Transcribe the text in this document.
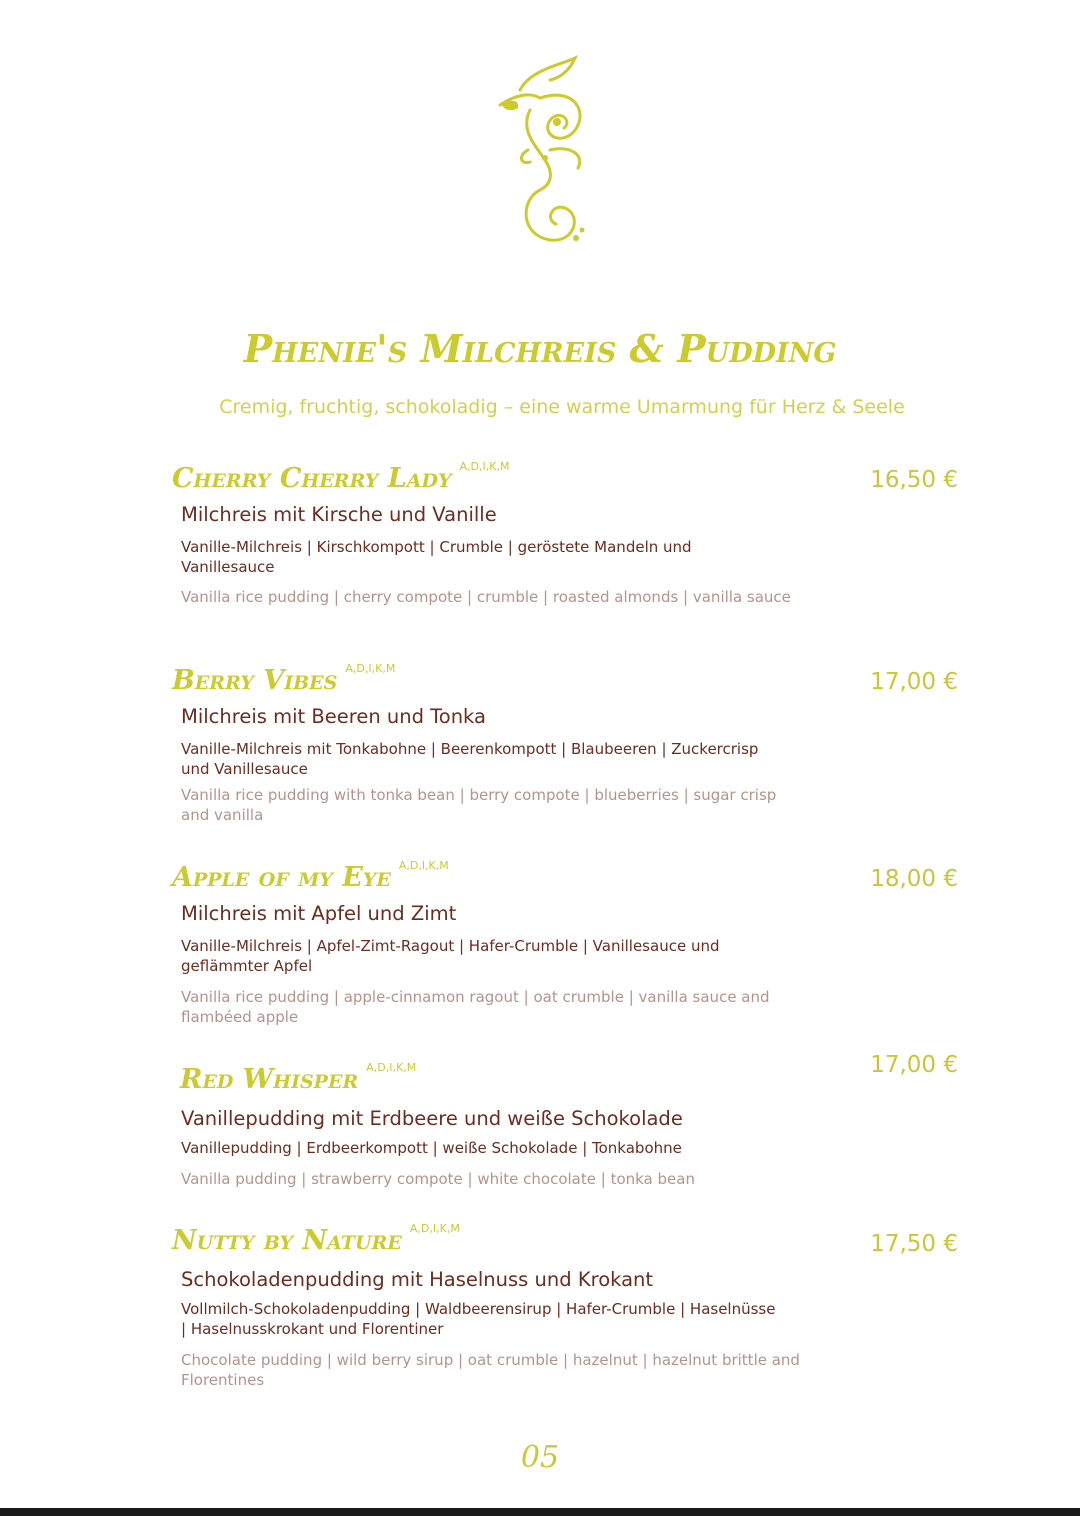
Phenie's Milchreis & Pudding
Cremig, fruchtig, schokoladig – eine warme Umarmung für Herz & Seele
Cherry Cherry Lady $^{A,D,I,K,M}$
16,50 €
Milchreis mit Kirsche und Vanille
Vanille-Milchreis | Kirschkompott | Crumble | geröstete Mandeln und Vanillesauce
Vanilla rice pudding | cherry compote | crumble | roasted almonds | vanilla sauce
Berry Vibes $^{A,D,I,K,M}$
17,00 €
Milchreis mit Beeren und Tonka
Vanille-Milchreis mit Tonkabohne | Beerenkompott | Blaubeeren | Zuckercrisp und Vanillesauce
Vanilla rice pudding with tonka bean | berry compote | blueberries | sugar crisp and vanilla
Apple of my Eye $^{A,D,I,K,M}$
18,00 €
Milchreis mit Apfel und Zimt
Vanille-Milchreis | Apfel-Zimt-Ragout | Hafer-Crumble | Vanillesauce und geflämmter Apfel
Vanilla rice pudding | apple-cinnamon ragout | oat crumble | vanilla sauce and flambéed apple
Red Whisper $^{A,D,I,K,M}$	17,00 €
Vanillepudding mit Erdbeere und weiße Schokolade
Vanillepudding | Erdbeerkompott | weiße Schokolade | Tonkabohne
Vanilla pudding | strawberry compote | white chocolate | tonka bean
Nutty by Nature $^{A,D,I,K,M}$
17,50 €
Schokoladenpudding mit Haselnuss und Krokant
Vollmilch-Schokoladenpudding | Waldbeerensirup | Hafer-Crumble | Haselnüsse | Haselnusskrokant und Florentiner
Chocolate pudding | wild berry sirup | oat crumble | hazelnut | hazelnut brittle and Florentines
05
